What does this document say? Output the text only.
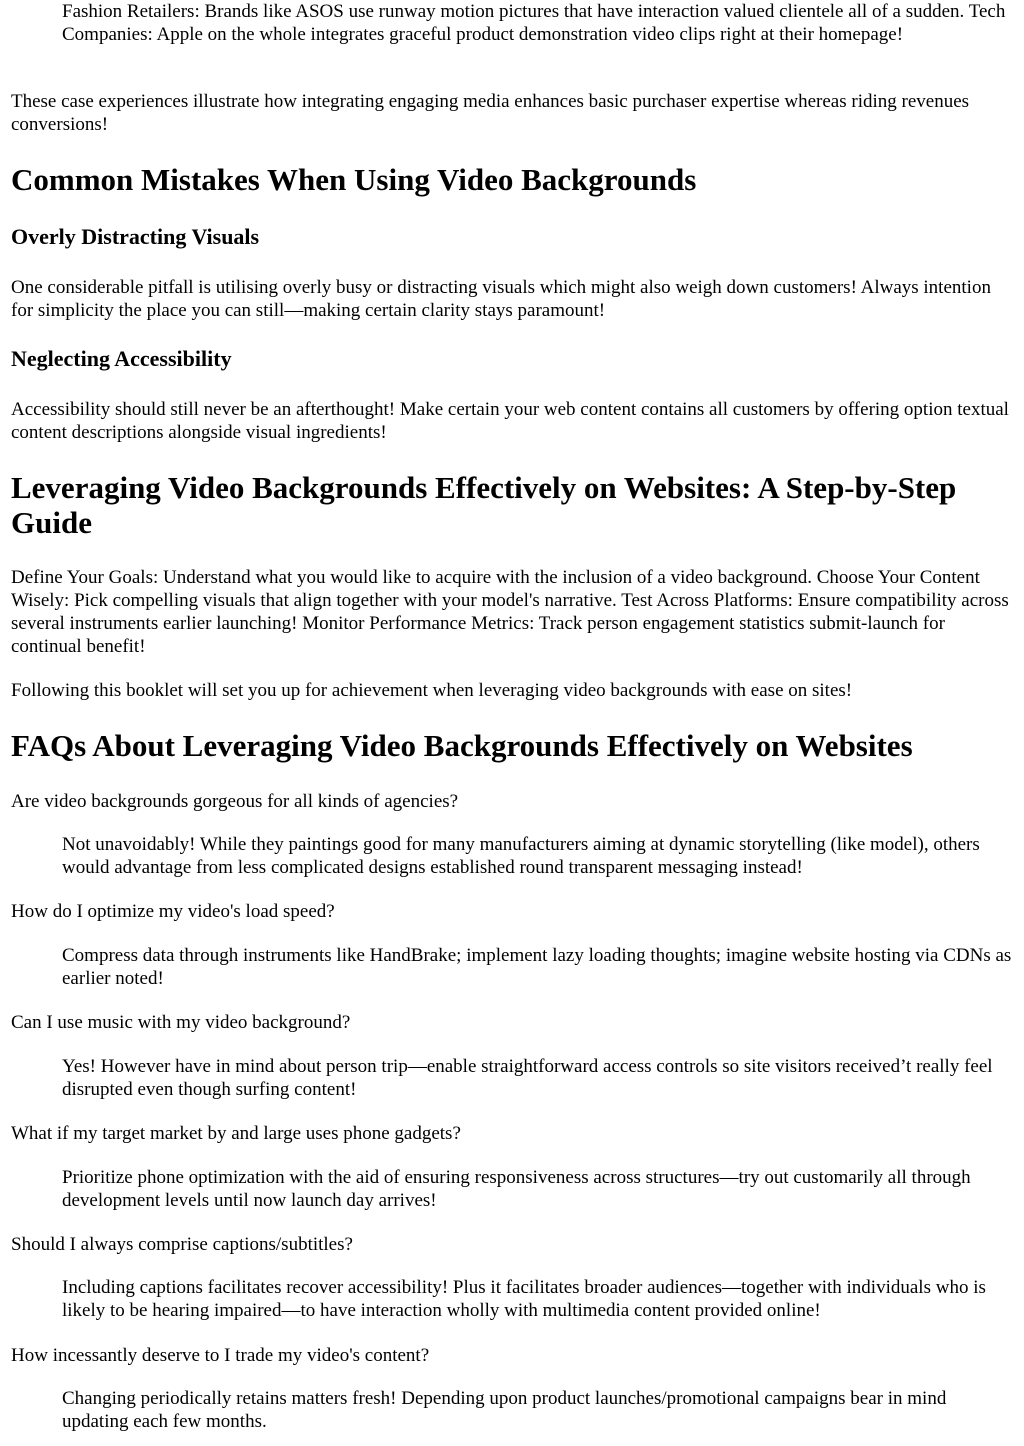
Fashion Retailers: Brands like ASOS use runway motion pictures that have interaction valued clientele all of a sudden. Tech Companies: Apple on the whole integrates graceful product demonstration video clips right at their homepage!

These case experiences illustrate how integrating engaging media enhances basic purchaser expertise whereas riding revenues conversions!

Common Mistakes When Using Video Backgrounds
Overly Distracting Visuals

One considerable pitfall is utilising overly busy or distracting visuals which might also weigh down customers! Always intention for simplicity the place you can still—making certain clarity stays paramount!

Neglecting Accessibility

Accessibility should still never be an afterthought! Make certain your web content contains all customers by offering option textual content descriptions alongside visual ingredients!

Leveraging Video Backgrounds Effectively on Websites: A Step-by-Step Guide

Define Your Goals: Understand what you would like to acquire with the inclusion of a video background. Choose Your Content Wisely: Pick compelling visuals that align together with your model's narrative. Test Across Platforms: Ensure compatibility across several instruments earlier launching! Monitor Performance Metrics: Track person engagement statistics submit-launch for continual benefit!

Following this booklet will set you up for achievement when leveraging video backgrounds with ease on sites!

FAQs About Leveraging Video Backgrounds Effectively on Websites

Are video backgrounds gorgeous for all kinds of agencies?

Not unavoidably! While they paintings good for many manufacturers aiming at dynamic storytelling (like model), others would advantage from less complicated designs established round transparent messaging instead!

How do I optimize my video's load speed?

Compress data through instruments like HandBrake; implement lazy loading thoughts; imagine website hosting via CDNs as earlier noted!

Can I use music with my video background?

Yes! However have in mind about person trip—enable straightforward access controls so site visitors received’t really feel disrupted even though surfing content!

What if my target market by and large uses phone gadgets?

Prioritize phone optimization with the aid of ensuring responsiveness across structures—try out customarily all through development levels until now launch day arrives!

Should I always comprise captions/subtitles?

Including captions facilitates recover accessibility! Plus it facilitates broader audiences—together with individuals who is likely to be hearing impaired—to have interaction wholly with multimedia content provided online!

How incessantly deserve to I trade my video's content?

Changing periodically retains matters fresh! Depending upon product launches/promotional campaigns bear in mind updating each few months.
